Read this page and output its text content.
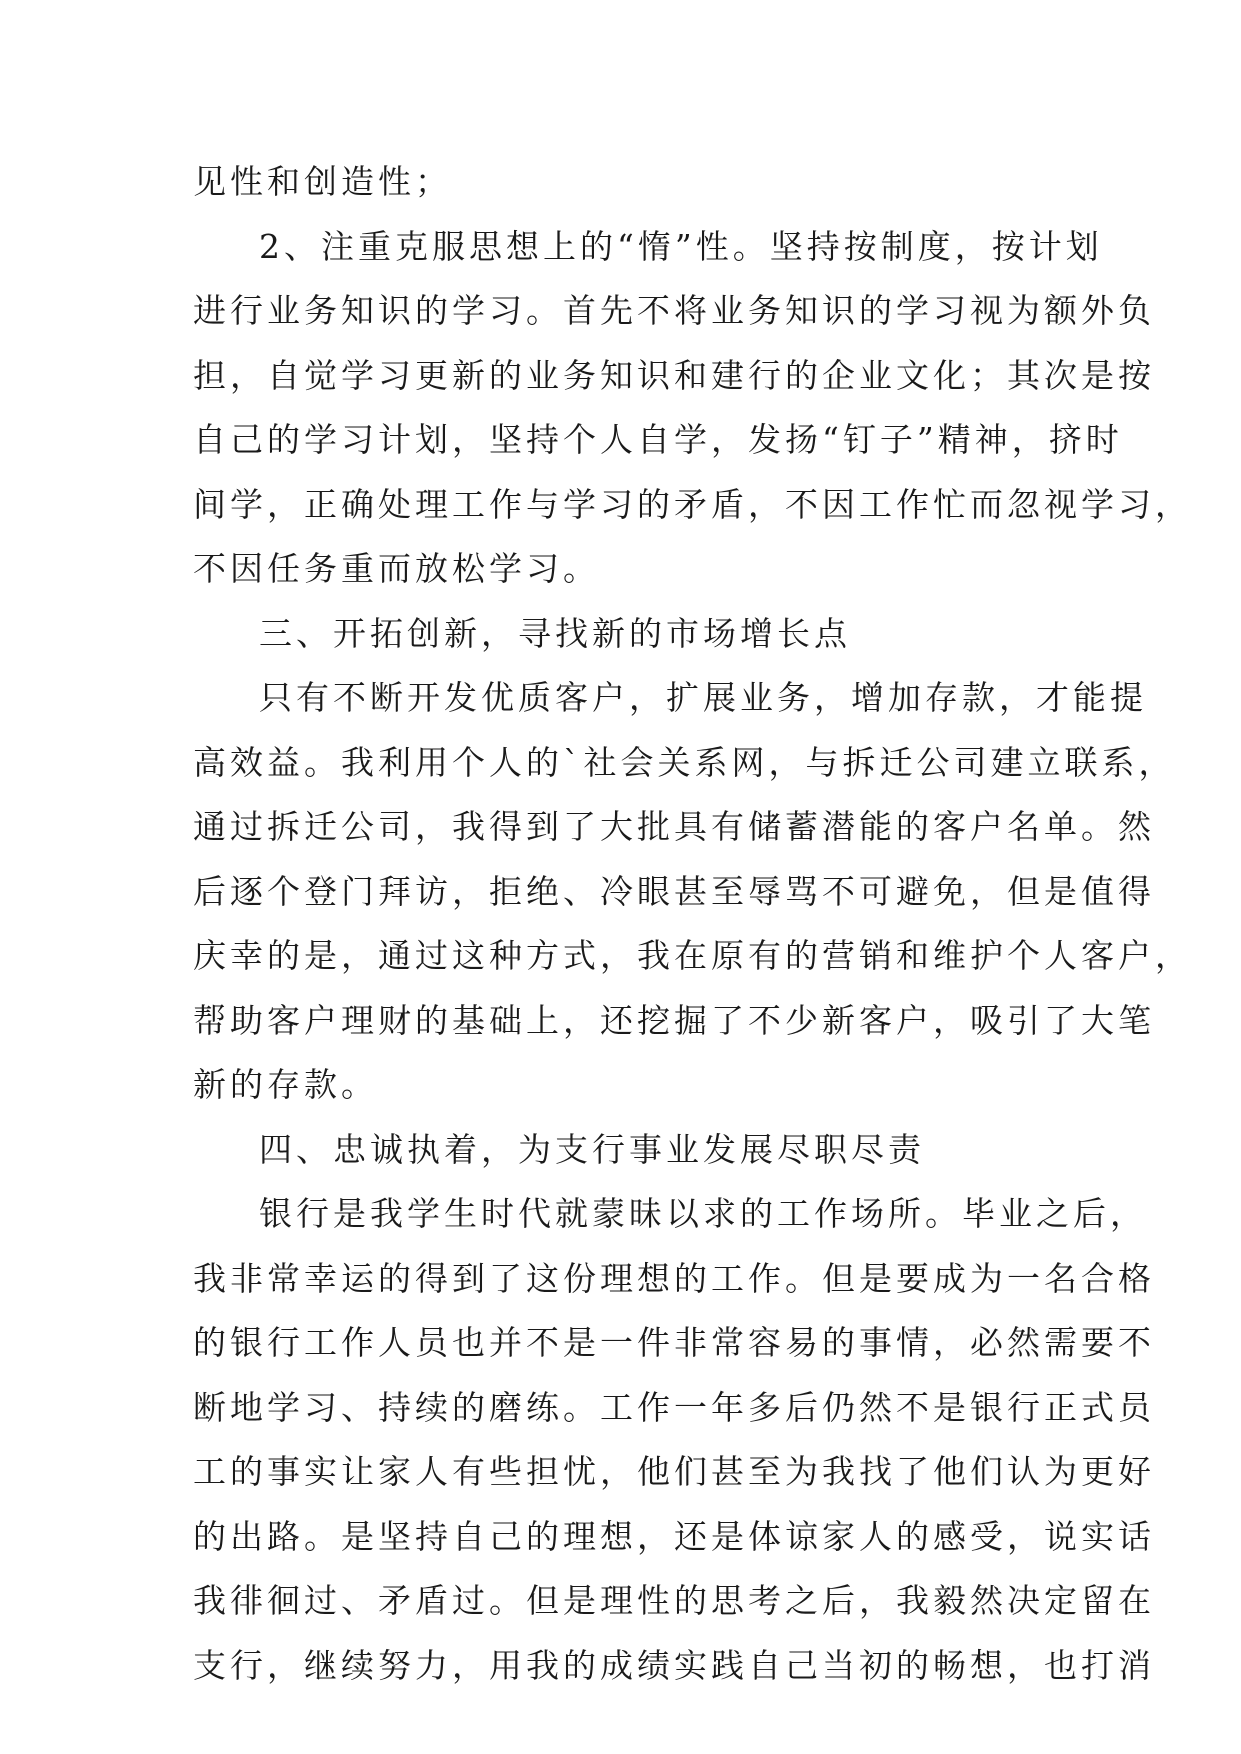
见性和创造性；
2、注重克服思想上的“惰”性。坚持按制度，按计划
进行业务知识的学习。首先不将业务知识的学习视为额外负
担，自觉学习更新的业务知识和建行的企业文化；其次是按
自己的学习计划，坚持个人自学，发扬“钉子”精神，挤时
间学，正确处理工作与学习的矛盾，不因工作忙而忽视学习，
不因任务重而放松学习。
三、开拓创新，寻找新的市场增长点
只有不断开发优质客户，扩展业务，增加存款，才能提
高效益。我利用个人的`社会关系网，与拆迁公司建立联系，
通过拆迁公司，我得到了大批具有储蓄潜能的客户名单。然
后逐个登门拜访，拒绝、冷眼甚至辱骂不可避免，但是值得
庆幸的是，通过这种方式，我在原有的营销和维护个人客户，
帮助客户理财的基础上，还挖掘了不少新客户，吸引了大笔
新的存款。
四、忠诚执着，为支行事业发展尽职尽责
银行是我学生时代就蒙昧以求的工作场所。毕业之后，
我非常幸运的得到了这份理想的工作。但是要成为一名合格
的银行工作人员也并不是一件非常容易的事情，必然需要不
断地学习、持续的磨练。工作一年多后仍然不是银行正式员
工的事实让家人有些担忧，他们甚至为我找了他们认为更好
的出路。是坚持自己的理想，还是体谅家人的感受，说实话
我徘徊过、矛盾过。但是理性的思考之后，我毅然决定留在
支行，继续努力，用我的成绩实践自己当初的畅想，也打消
